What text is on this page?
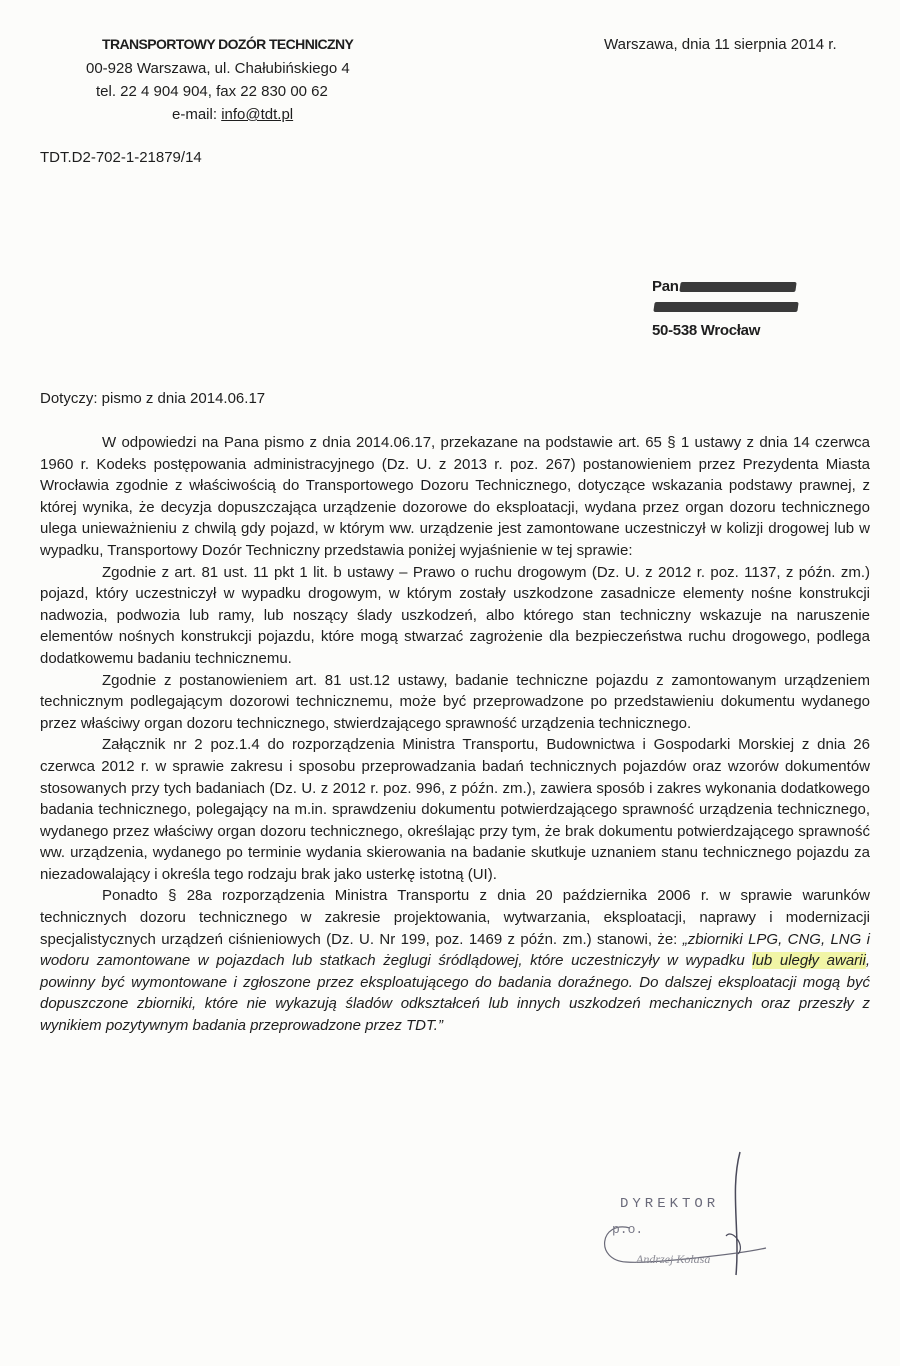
TRANSPORTOWY DOZÓR TECHNICZNY
00-928 Warszawa, ul. Chałubińskiego 4
tel. 22 4 904 904, fax 22 830 00 62
e-mail: info@tdt.pl
Warszawa, dnia 11 sierpnia 2014 r.
TDT.D2-702-1-21879/14
Pan
50-538 Wrocław
Dotyczy: pismo z dnia 2014.06.17

W odpowiedzi na Pana pismo z dnia 2014.06.17, przekazane na podstawie art. 65 § 1 ustawy z dnia 14 czerwca 1960 r. Kodeks postępowania administracyjnego (Dz. U. z 2013 r. poz. 267) postanowieniem przez Prezydenta Miasta Wrocławia zgodnie z właściwością do Transportowego Dozoru Technicznego, dotyczące wskazania podstawy prawnej, z której wynika, że decyzja dopuszczająca urządzenie dozorowe do eksploatacji, wydana przez organ dozoru technicznego ulega unieważnieniu z chwilą gdy pojazd, w którym ww. urządzenie jest zamontowane uczestniczył w kolizji drogowej lub w wypadku, Transportowy Dozór Techniczny przedstawia poniżej wyjaśnienie w tej sprawie:

Zgodnie z art. 81 ust. 11 pkt 1 lit. b ustawy – Prawo o ruchu drogowym (Dz. U. z 2012 r. poz. 1137, z późn. zm.) pojazd, który uczestniczył w wypadku drogowym, w którym zostały uszkodzone zasadnicze elementy nośne konstrukcji nadwozia, podwozia lub ramy, lub noszący ślady uszkodzeń, albo którego stan techniczny wskazuje na naruszenie elementów nośnych konstrukcji pojazdu, które mogą stwarzać zagrożenie dla bezpieczeństwa ruchu drogowego, podlega dodatkowemu badaniu technicznemu.

Zgodnie z postanowieniem art. 81 ust.12 ustawy, badanie techniczne pojazdu z zamontowanym urządzeniem technicznym podlegającym dozorowi technicznemu, może być przeprowadzone po przedstawieniu dokumentu wydanego przez właściwy organ dozoru technicznego, stwierdzającego sprawność urządzenia technicznego.

Załącznik nr 2 poz.1.4 do rozporządzenia Ministra Transportu, Budownictwa i Gospodarki Morskiej z dnia 26 czerwca 2012 r. w sprawie zakresu i sposobu przeprowadzania badań technicznych pojazdów oraz wzorów dokumentów stosowanych przy tych badaniach (Dz. U. z 2012 r. poz. 996, z późn. zm.), zawiera sposób i zakres wykonania dodatkowego badania technicznego, polegający na m.in. sprawdzeniu dokumentu potwierdzającego sprawność urządzenia technicznego, wydanego przez właściwy organ dozoru technicznego, określając przy tym, że brak dokumentu potwierdzającego sprawność ww. urządzenia, wydanego po terminie wydania skierowania na badanie skutkuje uznaniem stanu technicznego pojazdu za niezadowalający i określa tego rodzaju brak jako usterkę istotną (UI).

Ponadto § 28a rozporządzenia Ministra Transportu z dnia 20 października 2006 r. w sprawie warunków technicznych dozoru technicznego w zakresie projektowania, wytwarzania, eksploatacji, naprawy i modernizacji specjalistycznych urządzeń ciśnieniowych (Dz. U. Nr 199, poz. 1469 z późn. zm.) stanowi, że: „zbiorniki LPG, CNG, LNG i wodoru zamontowane w pojazdach lub statkach żeglugi śródlądowej, które uczestniczyły w wypadku lub uległy awarii, powinny być wymontowane i zgłoszone przez eksploatującego do badania doraźnego. Do dalszej eksploatacji mogą być dopuszczone zbiorniki, które nie wykazują śladów odkształceń lub innych uszkodzeń mechanicznych oraz przeszły z wynikiem pozytywnym badania przeprowadzone przez TDT.”

DYREKTOR
p.o.
Andrzej Kolasa
